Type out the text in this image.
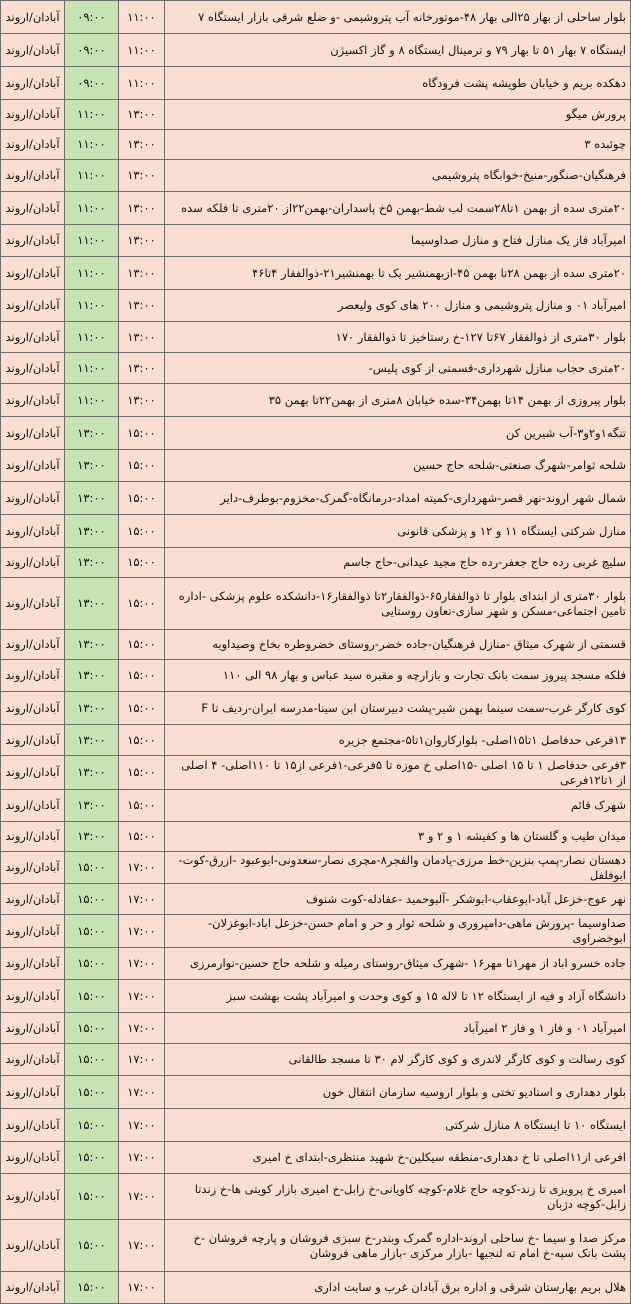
آبادان/اروند	۰۹:۰۰	۱۱:۰۰	بلوار ساحلی از بهار ۲۵الی بهار ۴۸-موتورخانه آب پتروشیمی -و ضلع شرقی بازار ایستگاه ۷
آبادان/اروند	۰۹:۰۰	۱۱:۰۰	ایستگاه ۷ بهار ۵۱ تا بهار ۷۹ و ترمینال ایستگاه ۸ و گاز اکسیژن
آبادان/اروند	۰۹:۰۰	۱۱:۰۰	دهکده بریم و خیابان طویشه پشت فرودگاه
آبادان/اروند	۱۱:۰۰	۱۳:۰۰	پرورش میگو
آبادان/اروند	۱۱:۰۰	۱۳:۰۰	چوئبده ۳
آبادان/اروند	۱۱:۰۰	۱۳:۰۰	فرهنگیان-صنگور-منیخ-خوابگاه پتروشیمی
آبادان/اروند	۱۱:۰۰	۱۳:۰۰	۲۰متری سده از بهمن ۱تا۲۸سمت لب شط-بهمن ۵خ پاسداران-بهمن۲۲از ۲۰متری تا فلکه سده
آبادان/اروند	۱۱:۰۰	۱۳:۰۰	امیرآباد فاز یک منازل فتاح و منازل صداوسیما
آبادان/اروند	۱۱:۰۰	۱۳:۰۰	۲۰متری سده از بهمن ۲۸تا بهمن ۴۵-ازبهمنشیر یک تا بهمنشیر۲۱-ذوالفقار ۴تا۴۶
آبادان/اروند	۱۱:۰۰	۱۳:۰۰	امیرآباد ۰۱ و منازل پتروشیمی و منازل ۲۰۰ های کوی ولیعصر
آبادان/اروند	۱۱:۰۰	۱۳:۰۰	بلوار ۳۰متری از ذوالفقار ۶۷تا ۱۲۷-خ رستاخیز تا ذوالفقار ۱۷۰
آبادان/اروند	۱۱:۰۰	۱۳:۰۰	۲۰متری حجاب منازل شهرداری-قسمتی از کوی پلیس-
آبادان/اروند	۱۱:۰۰	۱۳:۰۰	بلوار پیروزی از بهمن ۱۴تا بهمن۳۴-سده خیابان ۸متری از بهمن۲۲تا بهمن ۳۵
آبادان/اروند	۱۳:۰۰	۱۵:۰۰	تنگه۱و۲و۳-آب شیرین کن
آبادان/اروند	۱۳:۰۰	۱۵:۰۰	شلحه ثوامر-شهرگ صنعتی-شلحه حاج حسین
آبادان/اروند	۱۳:۰۰	۱۵:۰۰	شمال شهر اروند-نهر قصر-شهرداری-کمیته امداد-درمانگاه-گمرک-مخزوم-بوطرف-دایر
آبادان/اروند	۱۳:۰۰	۱۵:۰۰	منازل شرکتی ایستگاه ۱۱ و ۱۲ و پزشکی قانونی
آبادان/اروند	۱۳:۰۰	۱۵:۰۰	سلیچ غربی رده حاج جعفر-رده حاج مجید عیدانی-حاج جاسم
آبادان/اروند	۱۳:۰۰	۱۵:۰۰	بلوار ۳۰متری از ابتدای بلوار تا ذوالفقار۶۵-ذوالفقار۲تا ذوالفقار۱۶-دانشکده علوم پزشکی -اداره تامین اجتماعی-مسکن و شهر سازی-تعاون روستایی
آبادان/اروند	۱۳:۰۰	۱۵:۰۰	قسمتی از شهرک میثاق -منازل فرهنگیان-جاده خضر-روستای خضروطره بخاخ وصیداویه
آبادان/اروند	۱۳:۰۰	۱۵:۰۰	فلکه مسجد پیروز سمت بانک تجارت و بازارچه و مقبره سید عباس و بهار ۹۸ الی ۱۱۰
آبادان/اروند	۱۳:۰۰	۱۵:۰۰	کوی کارگر غرب-سمت سینما بهمن شیر-پشت دبیرستان ابن سینا-مدرسه ایران-ردیف تا F
آبادان/اروند	۱۳:۰۰	۱۵:۰۰	۱۳فرعی حدفاصل ۱تا۱۵اصلی- بلوارکاروان۱تا۵-مجتمع جزیره
آبادان/اروند	۱۳:۰۰	۱۵:۰۰	۳فرعی حدفاصل ۱ تا ۱۵ اصلی -۱۵اصلی خ موزه تا ۵فرعی-۱فرعی از۱۵ تا ۱۱۰اصلی- ۴ اصلی از ۱تا۱۲فرعی
آبادان/اروند	۱۳:۰۰	۱۵:۰۰	شهرک قائم
آبادان/اروند	۱۳:۰۰	۱۵:۰۰	میدان طیب و گلستان ها و کفیشه ۱ و ۲ و ۳
آبادان/اروند	۱۵:۰۰	۱۷:۰۰	دهستان نصار-پمپ بنزین-خط مرزی-یادمان والفجر۸-مچری نصار-سعدونی-ابوعبود -ازرق-کوت-ابوفلفل
آبادان/اروند	۱۵:۰۰	۱۷:۰۰	نهر عوج-خزعل آباد-ابوعقاب-ابوشکر -آلبوحمید -عفادله-کوت شنوف
آبادان/اروند	۱۵:۰۰	۱۷:۰۰	صداوسیما -پرورش ماهی-دامپروری و شلحه ثوار و حر و امام حسن-خزعل اباد-ابوغزلان-ابوخضراوی
آبادان/اروند	۱۵:۰۰	۱۷:۰۰	جاده خسرو اباد از مهر۱تا مهر۱۶ -شهرک میثاق-روستای رمیله و شلحه حاج حسین-نوارمرزی
آبادان/اروند	۱۵:۰۰	۱۷:۰۰	دانشگاه آزاد و فیه از ایستگاه ۱۲ تا لاله ۱۵ و کوی وحدت و امیرآباد پشت بهشت سبز
آبادان/اروند	۱۵:۰۰	۱۷:۰۰	امیرآباد ۰۱ و فاز ۱ و فاز ۲ امیرآباد
آبادان/اروند	۱۵:۰۰	۱۷:۰۰	کوی رسالت و کوی کارگر لاندری و کوی کارگر لام ۳۰ تا مسجد طالقانی
آبادان/اروند	۱۵:۰۰	۱۷:۰۰	بلوار دهداری و استادیو تختی و بلوار اروسیه سازمان انتقال خون
آبادان/اروند	۱۵:۰۰	۱۷:۰۰	ایستگاه ۱۰ تا ایستگاه ۸ منازل شرکتی
آبادان/اروند	۱۵:۰۰	۱۷:۰۰	افرعی از۱۱اصلی تا خ دهداری-منطقه سیکلین-خ شهید منتظری-ابتدای خ امیری
آبادان/اروند	۱۵:۰۰	۱۷:۰۰	امیری خ پرویزی تا زند-کوچه حاج غلام-کوچه کاویانی-خ زابل-خ امیری بازار کویتی ها-خ زندتا زابل-کوچه دژبان
آبادان/اروند	۱۵:۰۰	۱۷:۰۰	مرکز صدا و سیما -خ ساحلی اروند-اداره گمرک وبندر-خ سبزی فروشان و پارچه فروشان -خ پشت بانک سپه-خ امام ته لنجیها -بازار مرکزی -بازار ماهی فروشان
آبادان/اروند	۱۵:۰۰	۱۷:۰۰	هلال بریم بهارستان شرقی و اداره برق آبادان غرب و سایت اداری
